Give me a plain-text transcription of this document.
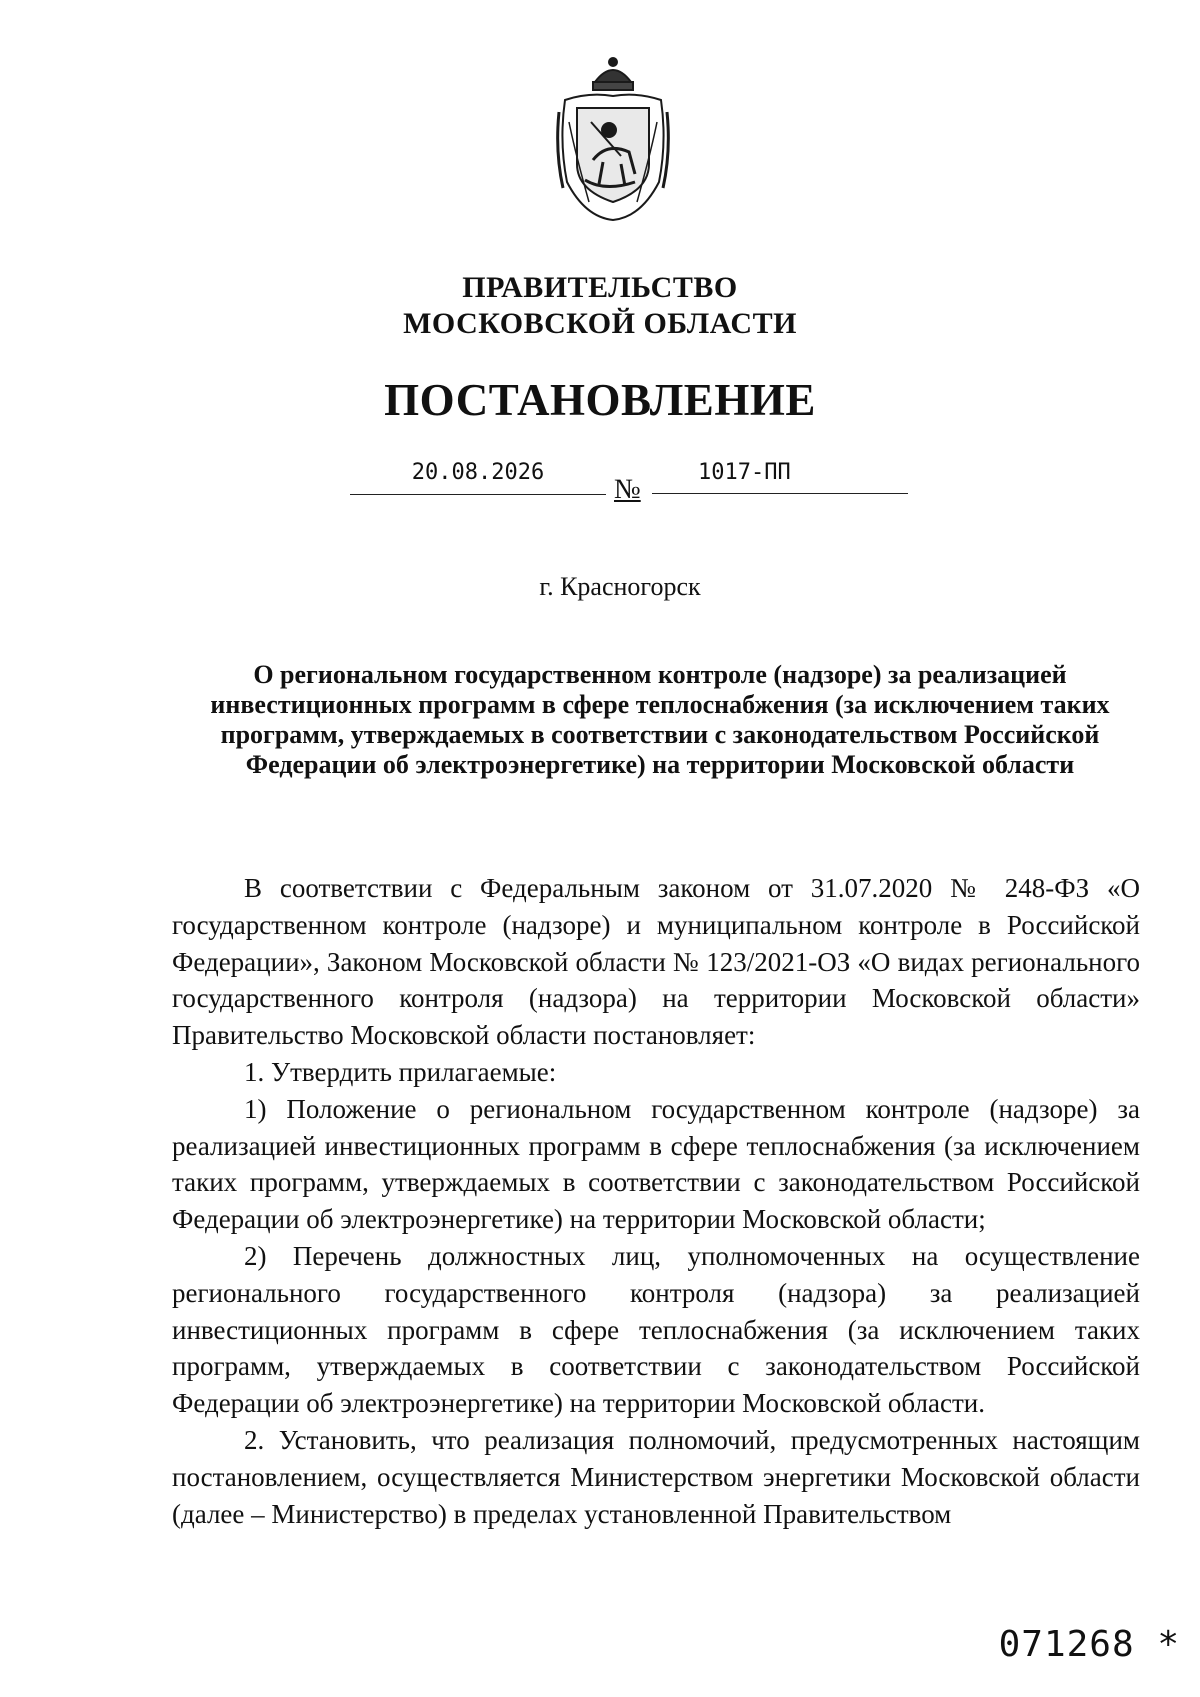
ПРАВИТЕЛЬСТВО
МОСКОВСКОЙ ОБЛАСТИ
ПОСТАНОВЛЕНИЕ
20.08.2026
№
1017-ПП
г. Красногорск
О региональном государственном контроле (надзоре) за реализацией инвестиционных программ в сфере теплоснабжения (за исключением таких программ, утверждаемых в соответствии с законодательством Российской Федерации об электроэнергетике) на территории Московской области

В соответствии с Федеральным законом от 31.07.2020 № 248-ФЗ «О государственном контроле (надзоре) и муниципальном контроле в Российской Федерации», Законом Московской области № 123/2021-ОЗ «О видах регионального государственного контроля (надзора) на территории Московской области» Правительство Московской области постановляет:

1. Утвердить прилагаемые:

1) Положение о региональном государственном контроле (надзоре) за реализацией инвестиционных программ в сфере теплоснабжения (за исключением таких программ, утверждаемых в соответствии с законодательством Российской Федерации об электроэнергетике) на территории Московской области;

2) Перечень должностных лиц, уполномоченных на осуществление регионального государственного контроля (надзора) за реализацией инвестиционных программ в сфере теплоснабжения (за исключением таких программ, утверждаемых в соответствии с законодательством Российской Федерации об электроэнергетике) на территории Московской области.

2. Установить, что реализация полномочий, предусмотренных настоящим постановлением, осуществляется Министерством энергетики Московской области (далее – Министерство) в пределах установленной Правительством

071268 *
